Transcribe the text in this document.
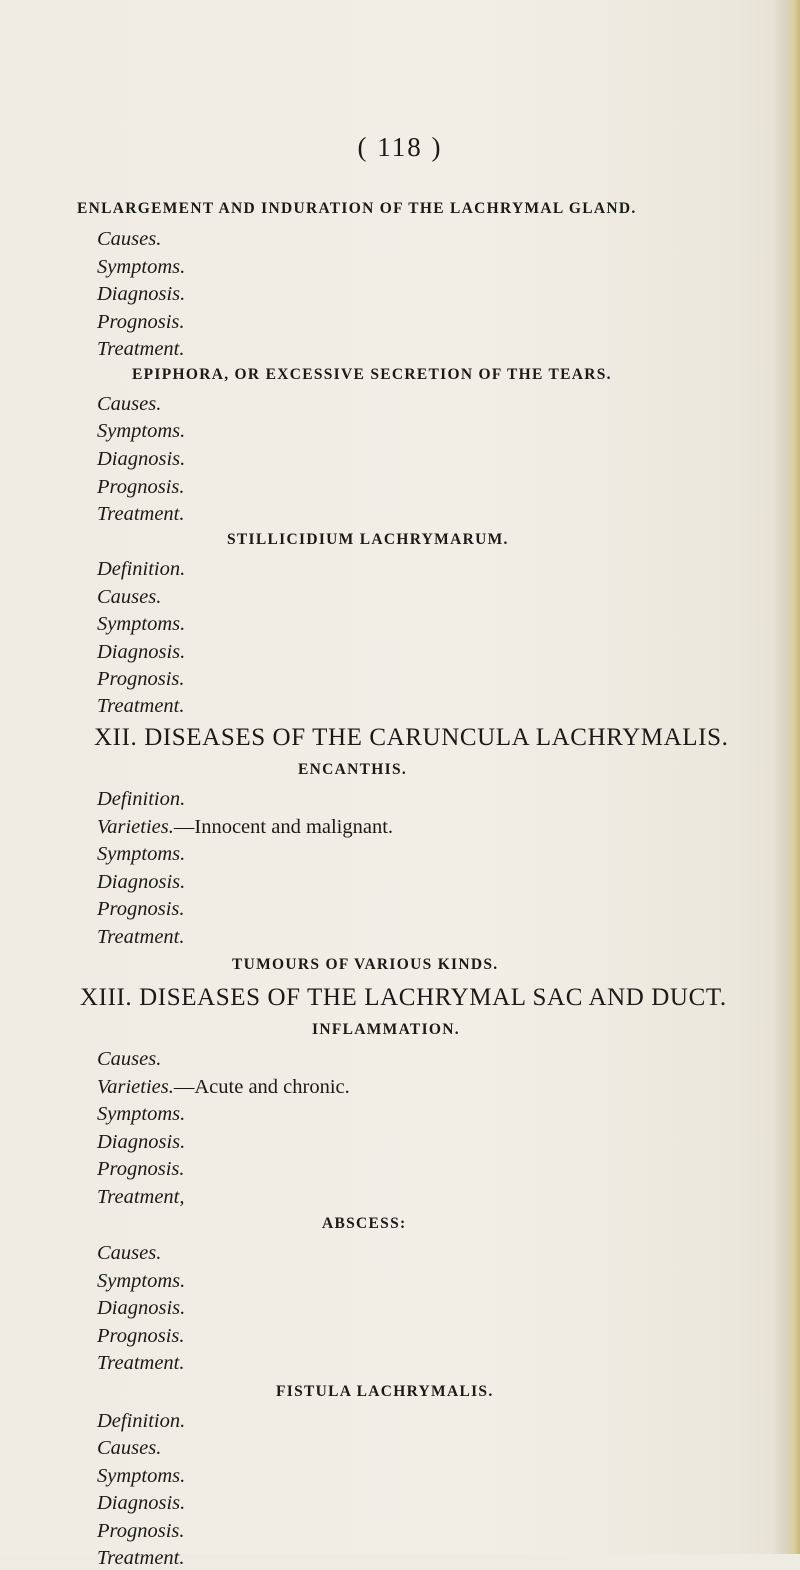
( 118 )
ENLARGEMENT AND INDURATION OF THE LACHRYMAL GLAND.
Causes.
Symptoms.
Diagnosis.
Prognosis.
Treatment.
EPIPHORA, OR EXCESSIVE SECRETION OF THE TEARS.
Causes.
Symptoms.
Diagnosis.
Prognosis.
Treatment.
STILLICIDIUM LACHRYMARUM.
Definition.
Causes.
Symptoms.
Diagnosis.
Prognosis.
Treatment.
XII. DISEASES OF THE CARUNCULA LACHRYMALIS.
ENCANTHIS.
Definition.
Varieties.—Innocent and malignant.
Symptoms.
Diagnosis.
Prognosis.
Treatment.
TUMOURS OF VARIOUS KINDS.
XIII. DISEASES OF THE LACHRYMAL SAC AND DUCT.
INFLAMMATION.
Causes.
Varieties.—Acute and chronic.
Symptoms.
Diagnosis.
Prognosis.
Treatment,
ABSCESS:
Causes.
Symptoms.
Diagnosis.
Prognosis.
Treatment.
FISTULA LACHRYMALIS.
Definition.
Causes.
Symptoms.
Diagnosis.
Prognosis.
Treatment.
